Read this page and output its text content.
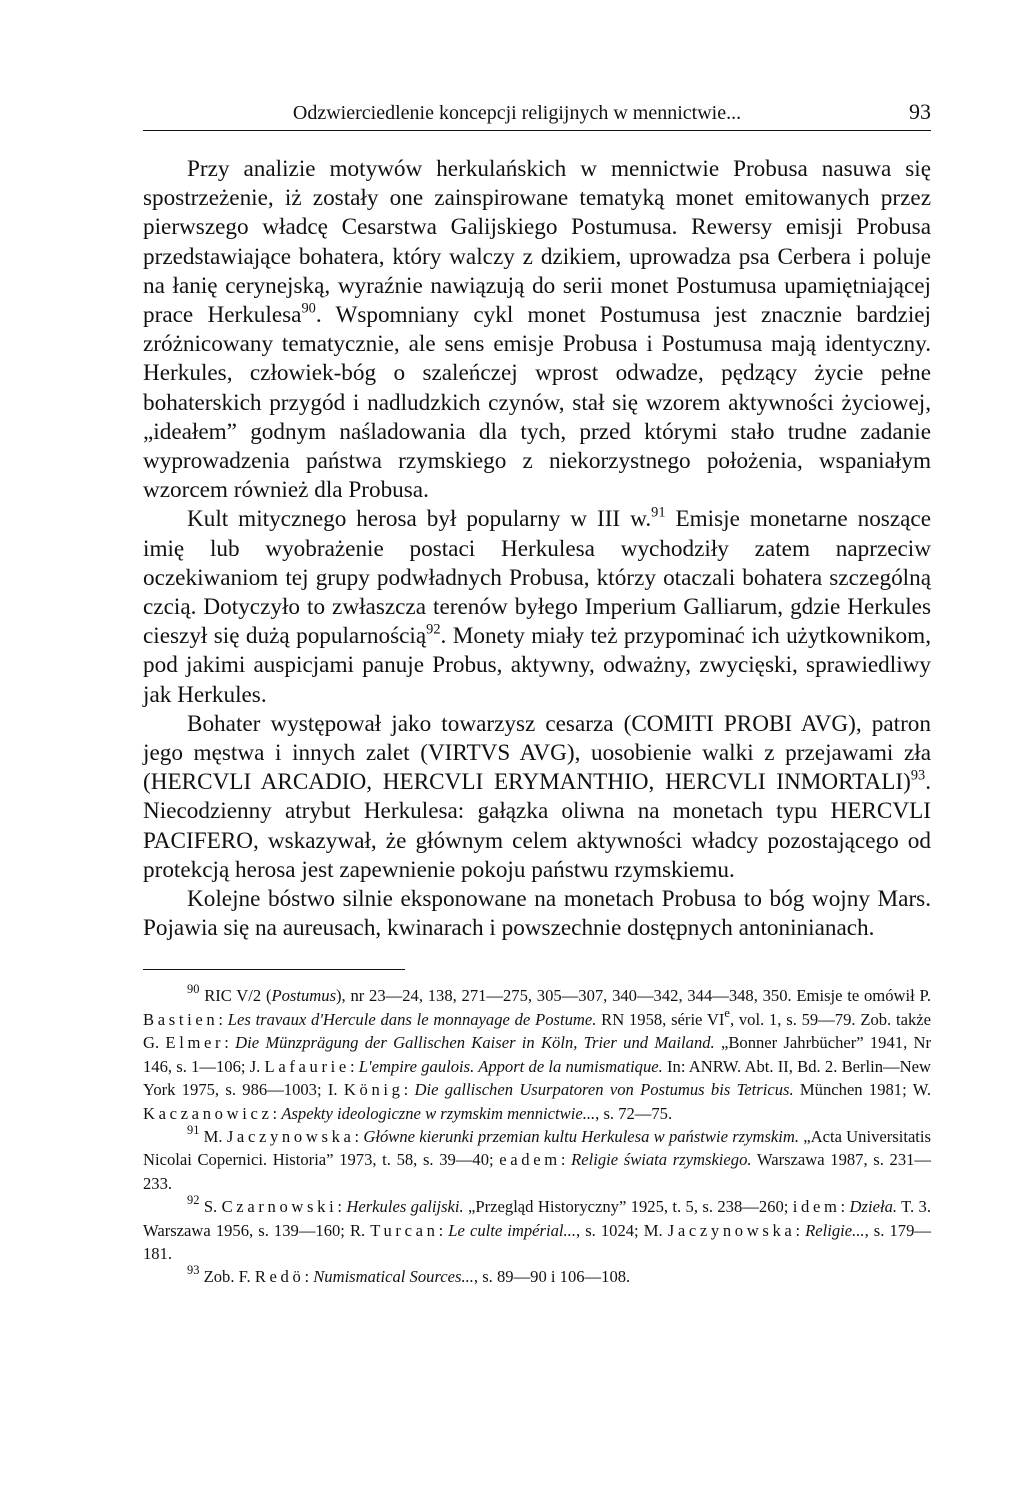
Odzwierciedlenie koncepcji religijnych w mennictwie...	93

Przy analizie motywów herkulańskich w mennictwie Probusa nasuwa się spostrzeżenie, iż zostały one zainspirowane tematyką monet emitowanych przez pierwszego władcę Cesarstwa Galijskiego Postumusa. Rewersy emisji Probusa przedstawiające bohatera, który walczy z dzikiem, uprowadza psa Cerbera i poluje na łanię cerynejską, wyraźnie nawiązują do serii monet Postumusa upamiętniającej prace Herkulesa$^{90}$. Wspomniany cykl monet Postumusa jest znacznie bardziej zróżnicowany tematycznie, ale sens emisje Probusa i Postumusa mają identyczny. Herkules, człowiek-bóg o szaleńczej wprost odwadze, pędzący życie pełne bohaterskich przygód i nadludzkich czynów, stał się wzorem aktywności życiowej, „ideałem” godnym naśladowania dla tych, przed którymi stało trudne zadanie wyprowadzenia państwa rzymskiego z niekorzystnego położenia, wspaniałym wzorcem również dla Probusa.

Kult mitycznego herosa był popularny w III w.$^{91}$ Emisje monetarne noszące imię lub wyobrażenie postaci Herkulesa wychodziły zatem naprzeciw oczekiwaniom tej grupy podwładnych Probusa, którzy otaczali bohatera szczególną czcią. Dotyczyło to zwłaszcza terenów byłego Imperium Galliarum, gdzie Herkules cieszył się dużą popularnością$^{92}$. Monety miały też przypominać ich użytkownikom, pod jakimi auspicjami panuje Probus, aktywny, odważny, zwycięski, sprawiedliwy jak Herkules.

Bohater występował jako towarzysz cesarza (COMITI PROBI AVG), patron jego męstwa i innych zalet (VIRTVS AVG), uosobienie walki z przejawami zła (HERCVLI ARCADIO, HERCVLI ERYMANTHIO, HERCVLI INMORTALI)$^{93}$. Niecodzienny atrybut Herkulesa: gałązka oliwna na monetach typu HERCVLI PACIFERO, wskazywał, że głównym celem aktywności władcy pozostającego od protekcją herosa jest zapewnienie pokoju państwu rzymskiemu.

Kolejne bóstwo silnie eksponowane na monetach Probusa to bóg wojny Mars. Pojawia się na aureusach, kwinarach i powszechnie dostępnych antoninianach.

$^{90}$ RIC V/2 (Postumus), nr 23—24, 138, 271—275, 305—307, 340—342, 344—348, 350. Emisje te omówił P. Bastien: Les travaux d'Hercule dans le monnayage de Postume. RN 1958, série VIe, vol. 1, s. 59—79. Zob. także G. Elmer: Die Münzprägung der Gallischen Kaiser in Köln, Trier und Mailand. „Bonner Jahrbücher” 1941, Nr 146, s. 1—106; J. Lafaurie: L'empire gaulois. Apport de la numismatique. In: ANRW. Abt. II, Bd. 2. Berlin—New York 1975, s. 986—1003; I. König: Die gallischen Usurpatoren von Postumus bis Tetricus. München 1981; W. Kaczanowicz: Aspekty ideologiczne w rzymskim mennictwie..., s. 72—75.

$^{91}$ M. Jaczynowska: Główne kierunki przemian kultu Herkulesa w państwie rzymskim. „Acta Universitatis Nicolai Copernici. Historia” 1973, t. 58, s. 39—40; eadem: Religie świata rzymskiego. Warszawa 1987, s. 231—233.

$^{92}$ S. Czarnowski: Herkules galijski. „Przegląd Historyczny” 1925, t. 5, s. 238—260; idem: Dzieła. T. 3. Warszawa 1956, s. 139—160; R. Turcan: Le culte impérial..., s. 1024; M. Jaczynowska: Religie..., s. 179—181.

$^{93}$ Zob. F. Redö: Numismatical Sources..., s. 89—90 i 106—108.
